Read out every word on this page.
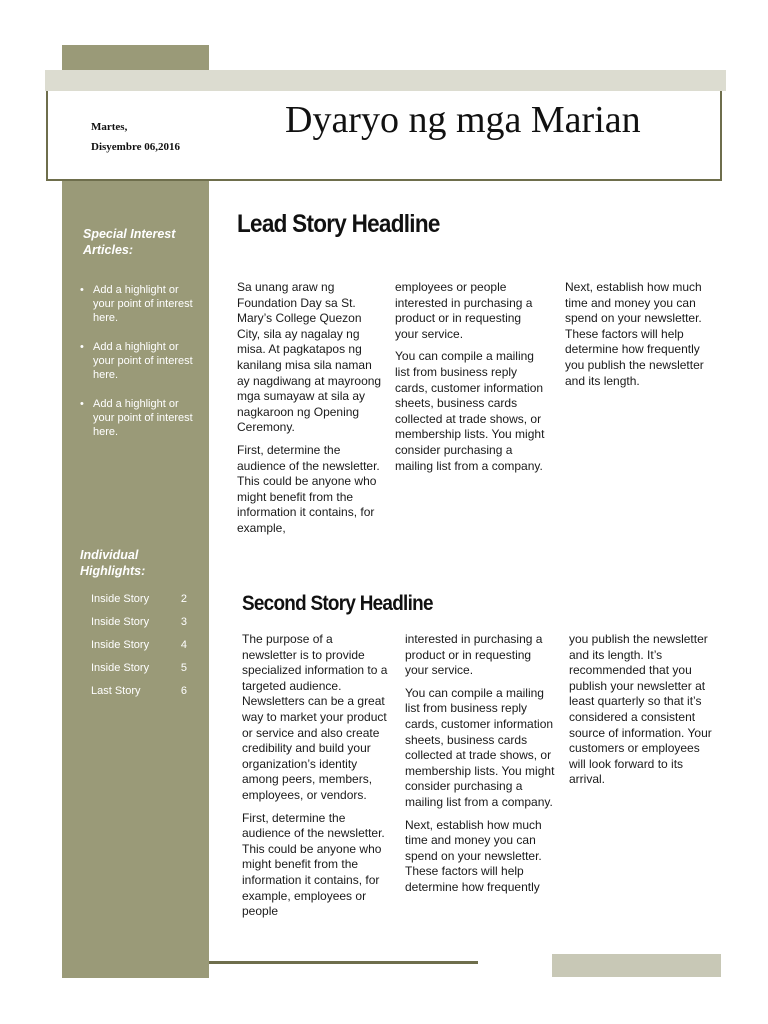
Martes,
Disyembre 06,2016
Dyaryo ng mga Marian
Special Interest Articles:
• Add a highlight or your point of interest here.
• Add a highlight or your point of interest here.
• Add a highlight or your point of interest here.
Individual Highlights:
Inside Story	2
Inside Story	3
Inside Story	4
Inside Story	5
Last Story	6
Lead Story Headline

Sa unang araw ng Foundation Day sa St. Mary’s College Quezon City, sila ay nagalay ng misa. At pagkatapos ng kanilang misa sila naman ay nagdiwang at mayroong mga sumayaw at sila ay nagkaroon ng Opening Ceremony.

First, determine the audience of the newsletter. This could be anyone who might benefit from the information it contains, for example,

employees or people interested in purchasing a product or in requesting your service.

You can compile a mailing list from business reply cards, customer information sheets, business cards collected at trade shows, or membership lists. You might consider purchasing a mailing list from a company.

Next, establish how much time and money you can spend on your newsletter. These factors will help determine how frequently you publish the newsletter and its length.

Second Story Headline

The purpose of a newsletter is to provide specialized information to a targeted audience. Newsletters can be a great way to market your product or service and also create credibility and build your organization’s identity among peers, members, employees, or vendors.

First, determine the audience of the newsletter. This could be anyone who might benefit from the information it contains, for example, employees or people

interested in purchasing a product or in requesting your service.

You can compile a mailing list from business reply cards, customer information sheets, business cards collected at trade shows, or membership lists. You might consider purchasing a mailing list from a company.

Next, establish how much time and money you can spend on your newsletter. These factors will help determine how frequently

you publish the newsletter and its length. It’s recommended that you publish your newsletter at least quarterly so that it’s considered a consistent source of information. Your customers or employees will look forward to its arrival.
